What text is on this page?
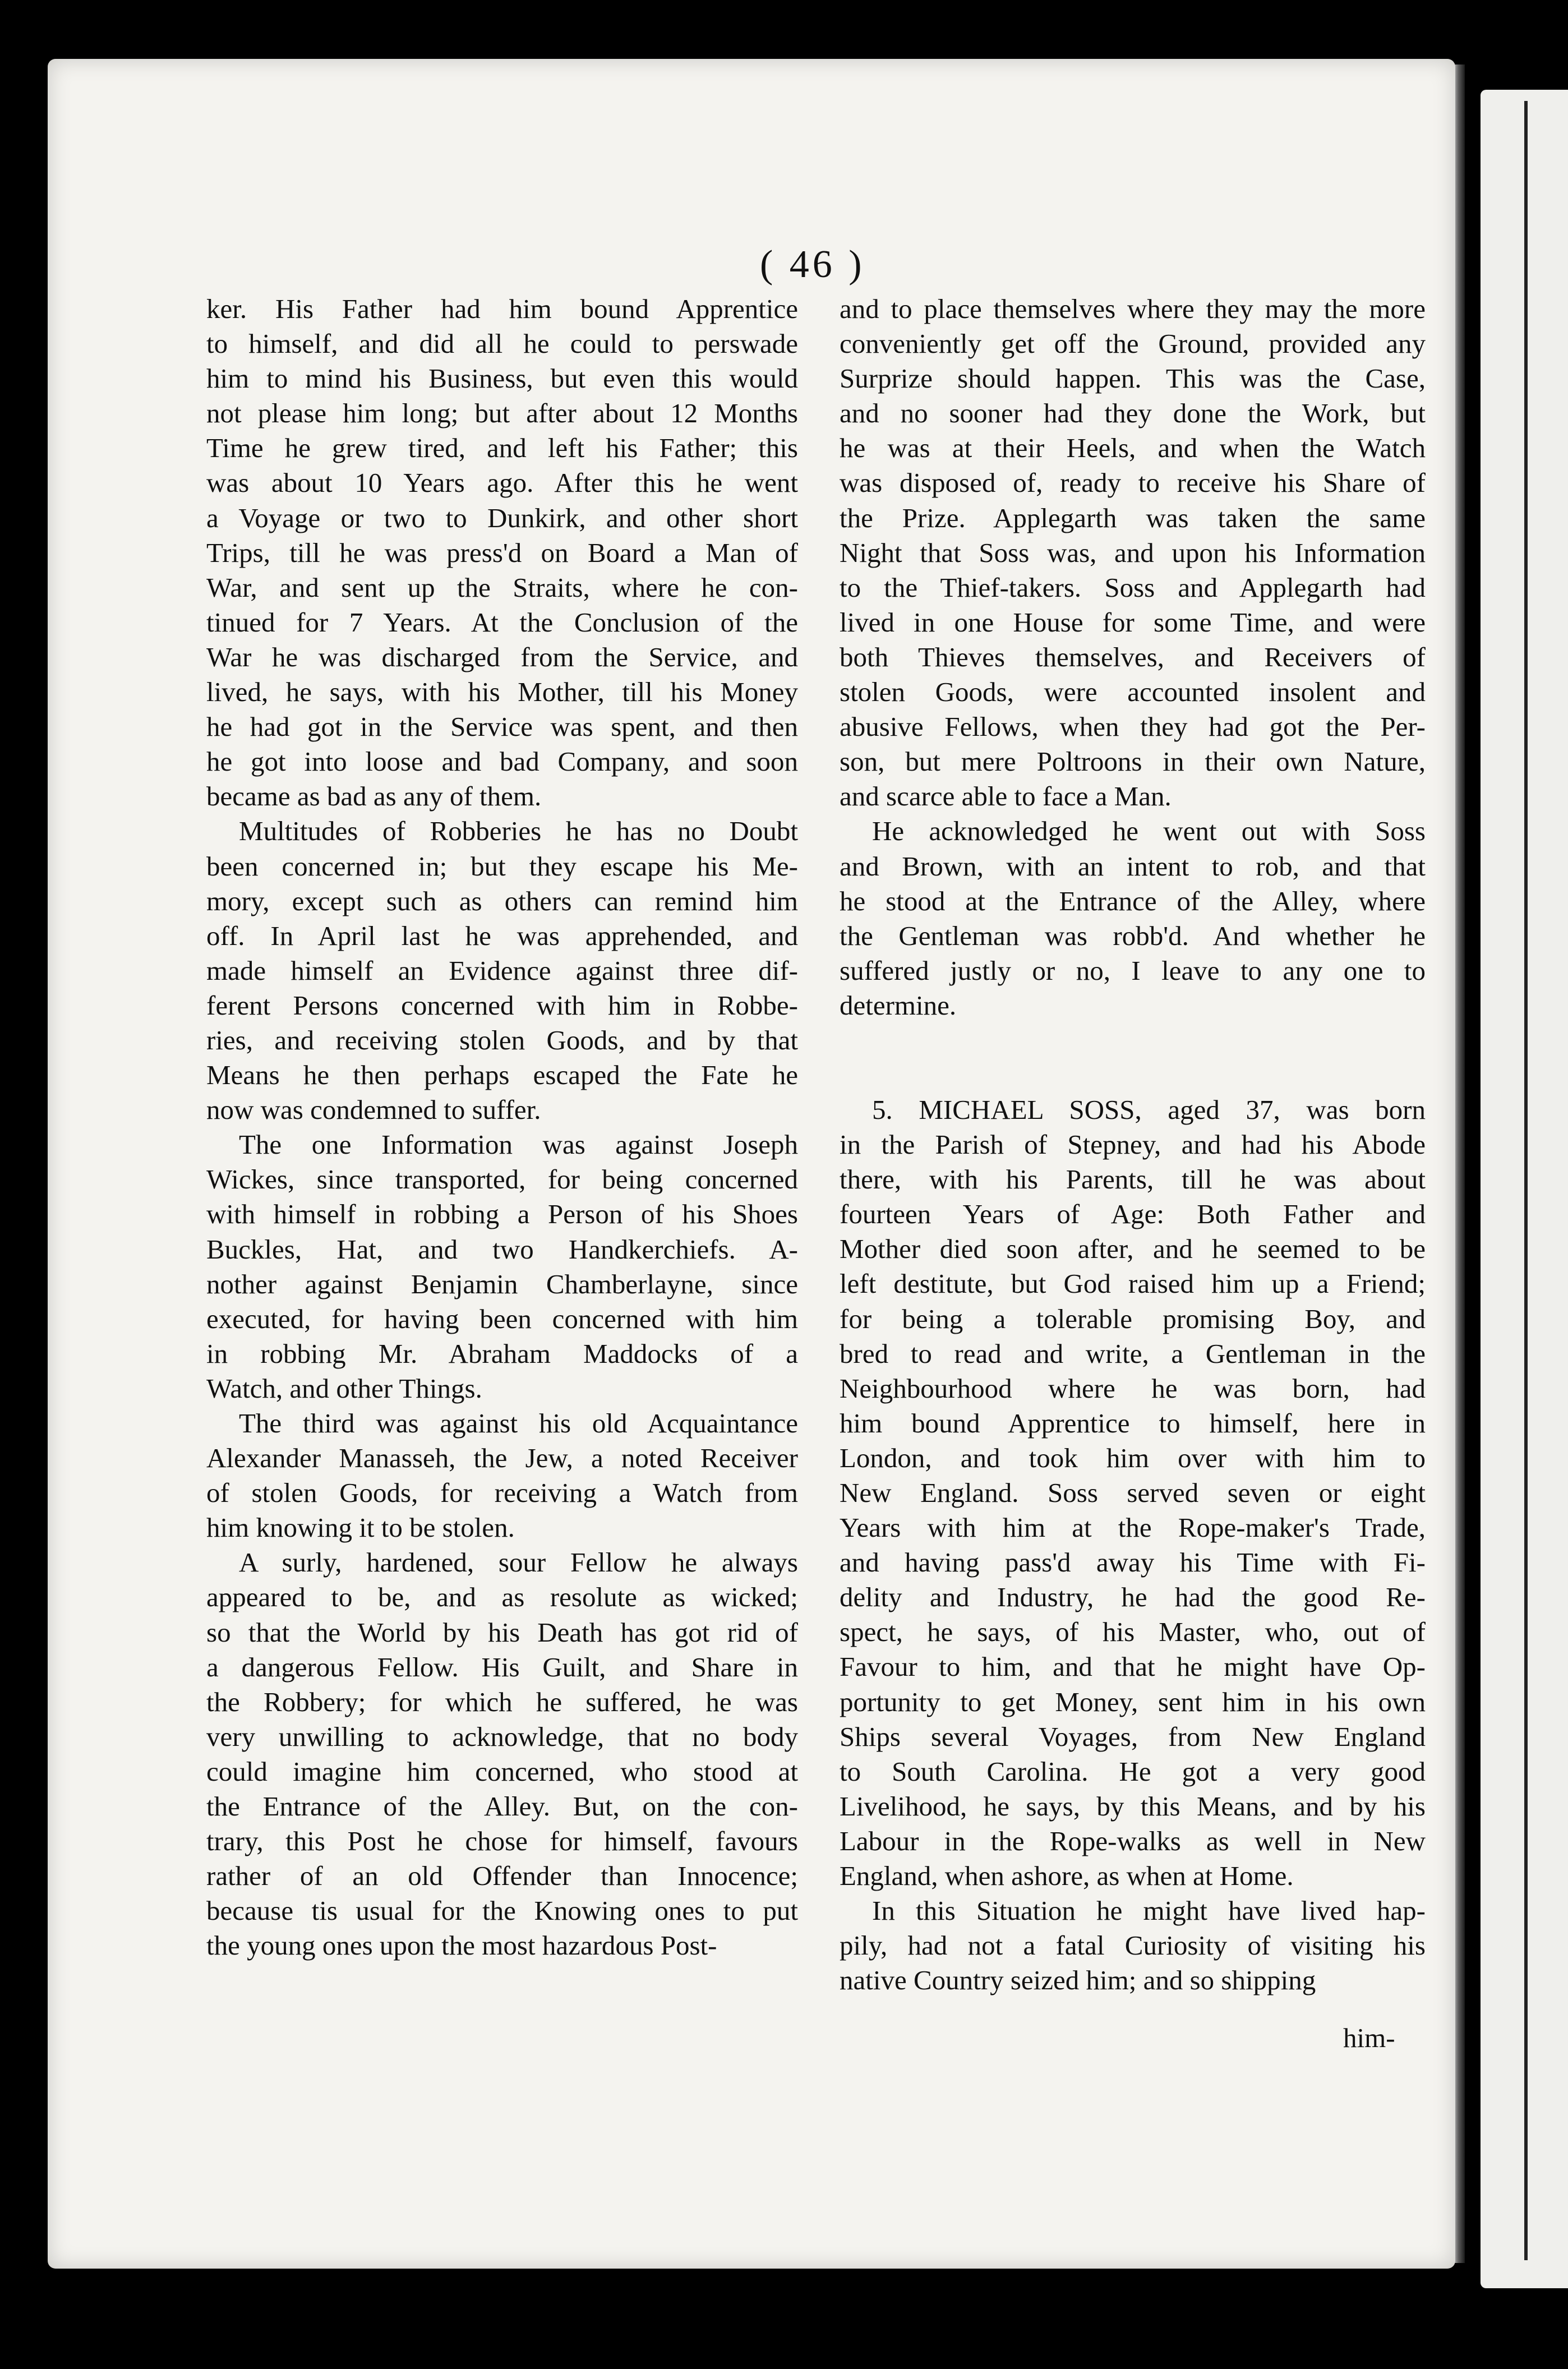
( 46 )
ker. His Father had him bound Apprentice
to himself, and did all he could to perswade
him to mind his Business, but even this would
not please him long; but after about 12 Months
Time he grew tired, and left his Father; this
was about 10 Years ago. After this he went
a Voyage or two to Dunkirk, and other short
Trips, till he was press'd on Board a Man of
War, and sent up the Straits, where he con-
tinued for 7 Years. At the Conclusion of the
War he was discharged from the Service, and
lived, he says, with his Mother, till his Money
he had got in the Service was spent, and then
he got into loose and bad Company, and soon
became as bad as any of them.
Multitudes of Robberies he has no Doubt
been concerned in; but they escape his Me-
mory, except such as others can remind him
off. In April last he was apprehended, and
made himself an Evidence against three dif-
ferent Persons concerned with him in Robbe-
ries, and receiving stolen Goods, and by that
Means he then perhaps escaped the Fate he
now was condemned to suffer.
The one Information was against Joseph
Wickes, since transported, for being concerned
with himself in robbing a Person of his Shoes
Buckles, Hat, and two Handkerchiefs. A-
nother against Benjamin Chamberlayne, since
executed, for having been concerned with him
in robbing Mr. Abraham Maddocks of a
Watch, and other Things.
The third was against his old Acquaintance
Alexander Manasseh, the Jew, a noted Receiver
of stolen Goods, for receiving a Watch from
him knowing it to be stolen.
A surly, hardened, sour Fellow he always
appeared to be, and as resolute as wicked;
so that the World by his Death has got rid of
a dangerous Fellow. His Guilt, and Share in
the Robbery; for which he suffered, he was
very unwilling to acknowledge, that no body
could imagine him concerned, who stood at
the Entrance of the Alley. But, on the con-
trary, this Post he chose for himself, favours
rather of an old Offender than Innocence;
because tis usual for the Knowing ones to put
the young ones upon the most hazardous Post-
and to place themselves where they may the more
conveniently get off the Ground, provided any
Surprize should happen. This was the Case,
and no sooner had they done the Work, but
he was at their Heels, and when the Watch
was disposed of, ready to receive his Share of
the Prize. Applegarth was taken the same
Night that Soss was, and upon his Information
to the Thief-takers. Soss and Applegarth had
lived in one House for some Time, and were
both Thieves themselves, and Receivers of
stolen Goods, were accounted insolent and
abusive Fellows, when they had got the Per-
son, but mere Poltroons in their own Nature,
and scarce able to face a Man.
He acknowledged he went out with Soss
and Brown, with an intent to rob, and that
he stood at the Entrance of the Alley, where
the Gentleman was robb'd. And whether he
suffered justly or no, I leave to any one to
determine.
5. MICHAEL SOSS, aged 37, was born
in the Parish of Stepney, and had his Abode
there, with his Parents, till he was about
fourteen Years of Age: Both Father and
Mother died soon after, and he seemed to be
left destitute, but God raised him up a Friend;
for being a tolerable promising Boy, and
bred to read and write, a Gentleman in the
Neighbourhood where he was born, had
him bound Apprentice to himself, here in
London, and took him over with him to
New England. Soss served seven or eight
Years with him at the Rope-maker's Trade,
and having pass'd away his Time with Fi-
delity and Industry, he had the good Re-
spect, he says, of his Master, who, out of
Favour to him, and that he might have Op-
portunity to get Money, sent him in his own
Ships several Voyages, from New England
to South Carolina. He got a very good
Livelihood, he says, by this Means, and by his
Labour in the Rope-walks as well in New
England, when ashore, as when at Home.
In this Situation he might have lived hap-
pily, had not a fatal Curiosity of visiting his
native Country seized him; and so shipping
him-
